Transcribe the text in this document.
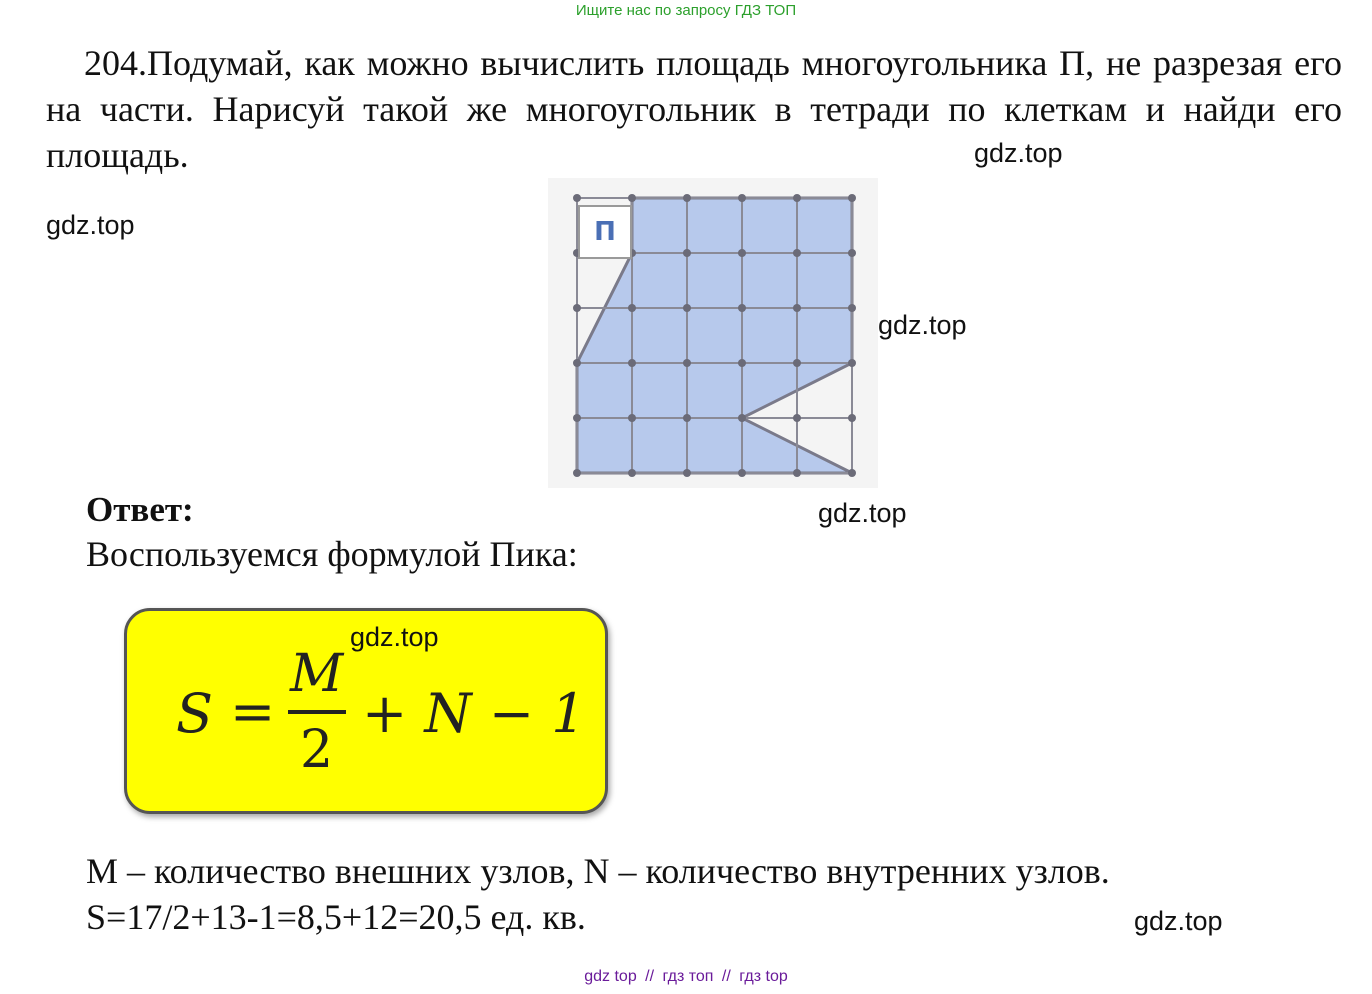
Ищите нас по запросу ГДЗ ТОП
204.Подумай, как можно вычислить площадь многоугольника П, не разрезая его на части. Нарисуй такой же многоугольник в тетради по клеткам и найди его площадь.	gdz.top
gdz.top
gdz.top
gdz.top
П
Ответ:
Воспользуемся формулой Пика:
S =
M
2
+ N − 1
gdz.top
M – количество внешних узлов, N – количество внутренних узлов.
S=17/2+13-1=8,5+12=20,5 ед. кв.	gdz.top
gdz top // гдз топ // гдз top
